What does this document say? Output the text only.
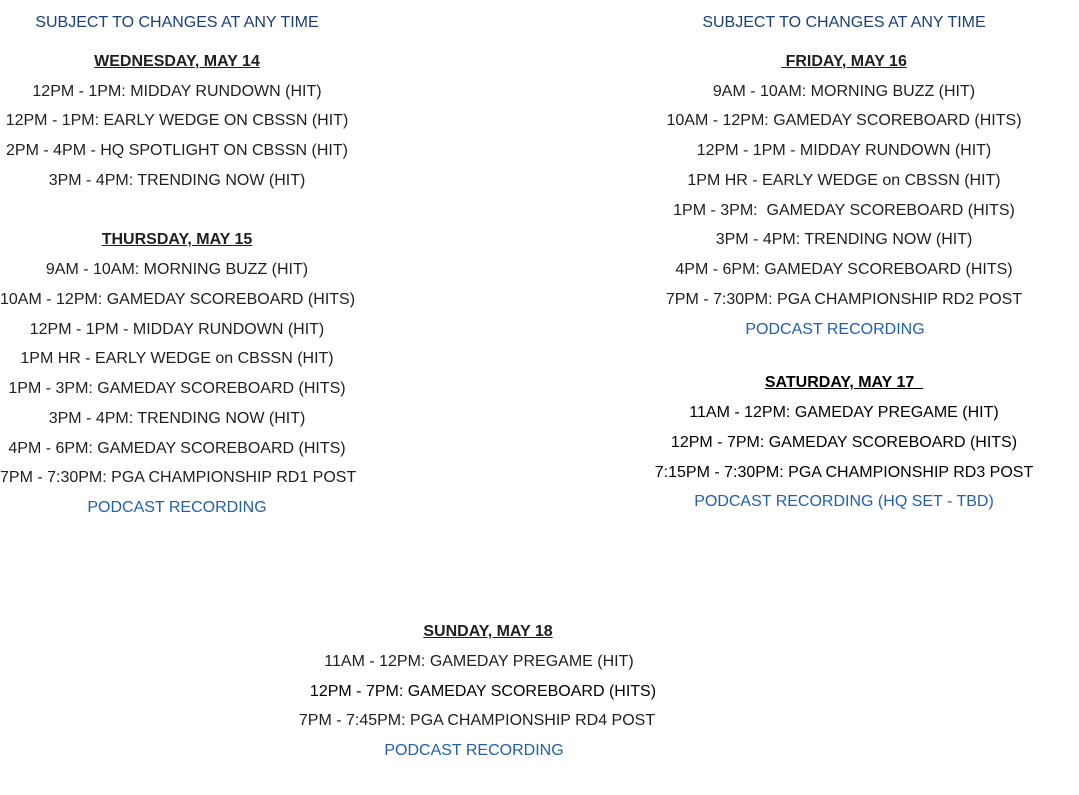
SUBJECT TO CHANGES AT ANY TIME
WEDNESDAY, MAY 14
12PM - 1PM: MIDDAY RUNDOWN (HIT)
12PM - 1PM: EARLY WEDGE ON CBSSN (HIT)
2PM - 4PM - HQ SPOTLIGHT ON CBSSN (HIT)
3PM - 4PM: TRENDING NOW (HIT)
THURSDAY, MAY 15
9AM - 10AM: MORNING BUZZ (HIT)
10AM - 12PM: GAMEDAY SCOREBOARD (HITS)
12PM - 1PM - MIDDAY RUNDOWN (HIT)
1PM HR - EARLY WEDGE on CBSSN (HIT)
1PM - 3PM: GAMEDAY SCOREBOARD (HITS)
3PM - 4PM: TRENDING NOW (HIT)
4PM - 6PM: GAMEDAY SCOREBOARD (HITS)
7PM - 7:30PM: PGA CHAMPIONSHIP RD1 POST
PODCAST RECORDING
SUBJECT TO CHANGES AT ANY TIME
FRIDAY, MAY 16
9AM - 10AM: MORNING BUZZ (HIT)
10AM - 12PM: GAMEDAY SCOREBOARD (HITS)
12PM - 1PM - MIDDAY RUNDOWN (HIT)
1PM HR - EARLY WEDGE on CBSSN (HIT)
1PM - 3PM:  GAMEDAY SCOREBOARD (HITS)
3PM - 4PM: TRENDING NOW (HIT)
4PM - 6PM: GAMEDAY SCOREBOARD (HITS)
7PM - 7:30PM: PGA CHAMPIONSHIP RD2 POST
PODCAST RECORDING
SATURDAY, MAY 17
11AM - 12PM: GAMEDAY PREGAME (HIT)
12PM - 7PM: GAMEDAY SCOREBOARD (HITS)
7:15PM - 7:30PM: PGA CHAMPIONSHIP RD3 POST
PODCAST RECORDING (HQ SET - TBD)
SUNDAY, MAY 18
11AM - 12PM: GAMEDAY PREGAME (HIT)
12PM - 7PM: GAMEDAY SCOREBOARD (HITS)
7PM - 7:45PM: PGA CHAMPIONSHIP RD4 POST
PODCAST RECORDING
